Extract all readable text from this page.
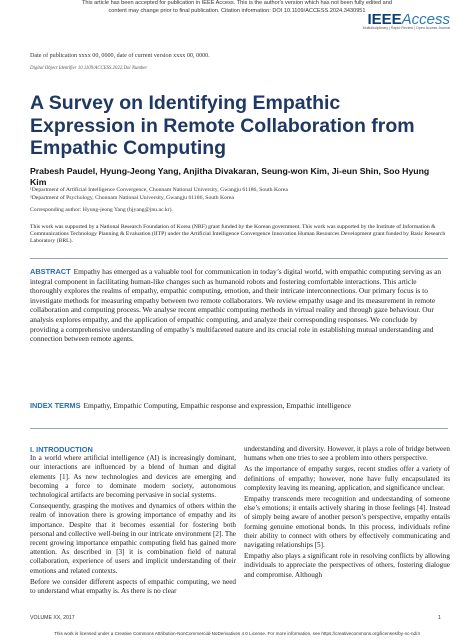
This article has been accepted for publication in IEEE Access. This is the author's version which has not been fully edited and
content may change prior to final publication. Citation information: DOI 10.1109/ACCESS.2024.3430951
IEEEAccess
Multidisciplinary | Rapid Review | Open Access Journal
Date of publication xxxx 00, 0000, date of current version xxxx 00, 0000.
Digital Object Identifier 10.1109/ACCESS.2022.Doi Number
A Survey on Identifying Empathic Expression in Remote Collaboration from Empathic Computing
Prabesh Paudel, Hyung-Jeong Yang, Anjitha Divakaran, Seung-won Kim, Ji-eun Shin, Soo Hyung Kim
¹Department of Artificial Intelligence Convergence, Chonnam National University, Gwangju 61186, South Korea
²Department of Psychology, Chonnam National University, Gwangju 61186, South Korea
Corresponding author: Hyung-jeong Yang (hjyang@jnu.ac.kr).
This work was supported by a National Research Foundation of Korea (NRF) grant funded by the Korean government. This work was supported by the Institute of Information & Communications Technology Planning & Evaluation (IITP) under the Artificial Intelligence Convergence Innovation Human Resources Development grant funded by Basic Research Laboratory (BRL).
ABSTRACT Empathy has emerged as a valuable tool for communication in today’s digital world, with empathic computing serving as an integral component in facilitating human-like changes such as humanoid robots and fostering comfortable interactions. This article thoroughly explores the realms of empathy, empathic computing, emotion, and their intricate interconnections. Our primary focus is to investigate methods for measuring empathy between two remote collaborators. We review empathy usage and its measurement in remote collaboration and computing process. We analyse recent empathic computing methods in virtual reality and through gaze behaviour. Our analysis explores empathy, and the application of empathic computing, and analyze their corresponding responses. We conclude by providing a comprehensive understanding of empathy’s multifaceted nature and its crucial role in establishing mutual understanding and connection between remote agents.
INDEX TERMS Empathy, Empathic Computing, Empathic response and expression, Empathic intelligence
I. INTRODUCTION

In a world where artificial intelligence (AI) is increasingly dominant, our interactions are influenced by a blend of human and digital elements [1]. As new technologies and devices are emerging and becoming a force to dominate modern society, autonomous technological artifacts are becoming pervasive in social systems.

Consequently, grasping the motives and dynamics of others within the realm of innovation there is growing importance of empathy and its importance. Despite that it becomes essential for fostering both personal and collective well-being in our intricate environment [2]. The recent growing importance empathic computing field has gained more attention. As described in [3] it is combination field of natural collaboration, experience of users and implicit understanding of their emotions and related contexts.

Before we consider different aspects of empathic computing, we need to understand what empathy is. As there is no clear

understanding and diversity. However, it plays a role of bridge between humans when one tries to see a problem into others perspective.

As the importance of empathy surges, recent studies offer a variety of definitions of empathy; however, none have fully encapsulated its complexity leaving its meaning, application, and significance unclear.

Empathy transcends mere recognition and understanding of someone else’s emotions; it entails actively sharing in those feelings [4]. Instead of simply being aware of another person’s perspective, empathy entails forming genuine emotional bonds. In this process, individuals refine their ability to connect with others by effectively communicating and navigating relationships [5].

Empathy also plays a significant role in resolving conflicts by allowing individuals to appreciate the perspectives of others, fostering dialogue and compromise. Although

VOLUME XX, 2017	1
This work is licensed under a Creative Commons Attribution-NonCommercial-NoDerivatives 4.0 License. For more information, see https://creativecommons.org/licenses/by-nc-nd/4
